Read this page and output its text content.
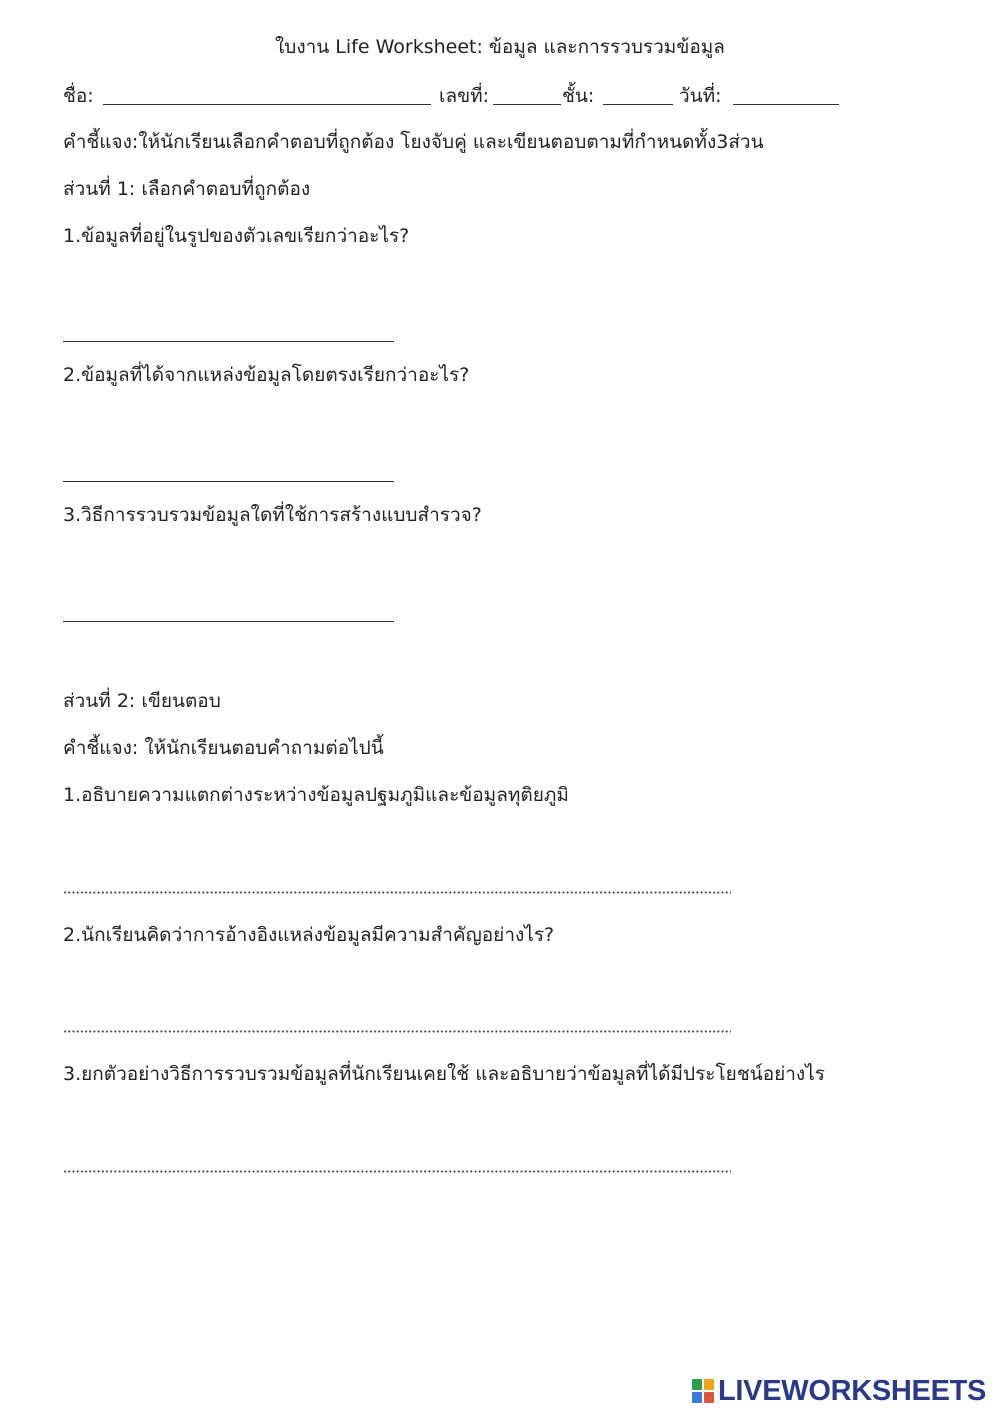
ใบงาน Life Worksheet: ข้อมูล และการรวบรวมข้อมูล
ชื่อ:	เลขที่:	ชั้น:	วันที่:
คำชี้แจง:ให้นักเรียนเลือกคำตอบที่ถูกต้อง โยงจับคู่ และเขียนตอบตามที่กำหนดทั้ง3ส่วน
ส่วนที่ 1: เลือกคำตอบที่ถูกต้อง
1.ข้อมูลที่อยู่ในรูปของตัวเลขเรียกว่าอะไร?
2.ข้อมูลที่ได้จากแหล่งข้อมูลโดยตรงเรียกว่าอะไร?
3.วิธีการรวบรวมข้อมูลใดที่ใช้การสร้างแบบสำรวจ?
ส่วนที่ 2: เขียนตอบ
คำชี้แจง: ให้นักเรียนตอบคำถามต่อไปนี้
1.อธิบายความแตกต่างระหว่างข้อมูลปฐมภูมิและข้อมูลทุติยภูมิ
2.นักเรียนคิดว่าการอ้างอิงแหล่งข้อมูลมีความสำคัญอย่างไร?
3.ยกตัวอย่างวิธีการรวบรวมข้อมูลที่นักเรียนเคยใช้ และอธิบายว่าข้อมูลที่ได้มีประโยชน์อย่างไร
LIVEWORKSHEETS
